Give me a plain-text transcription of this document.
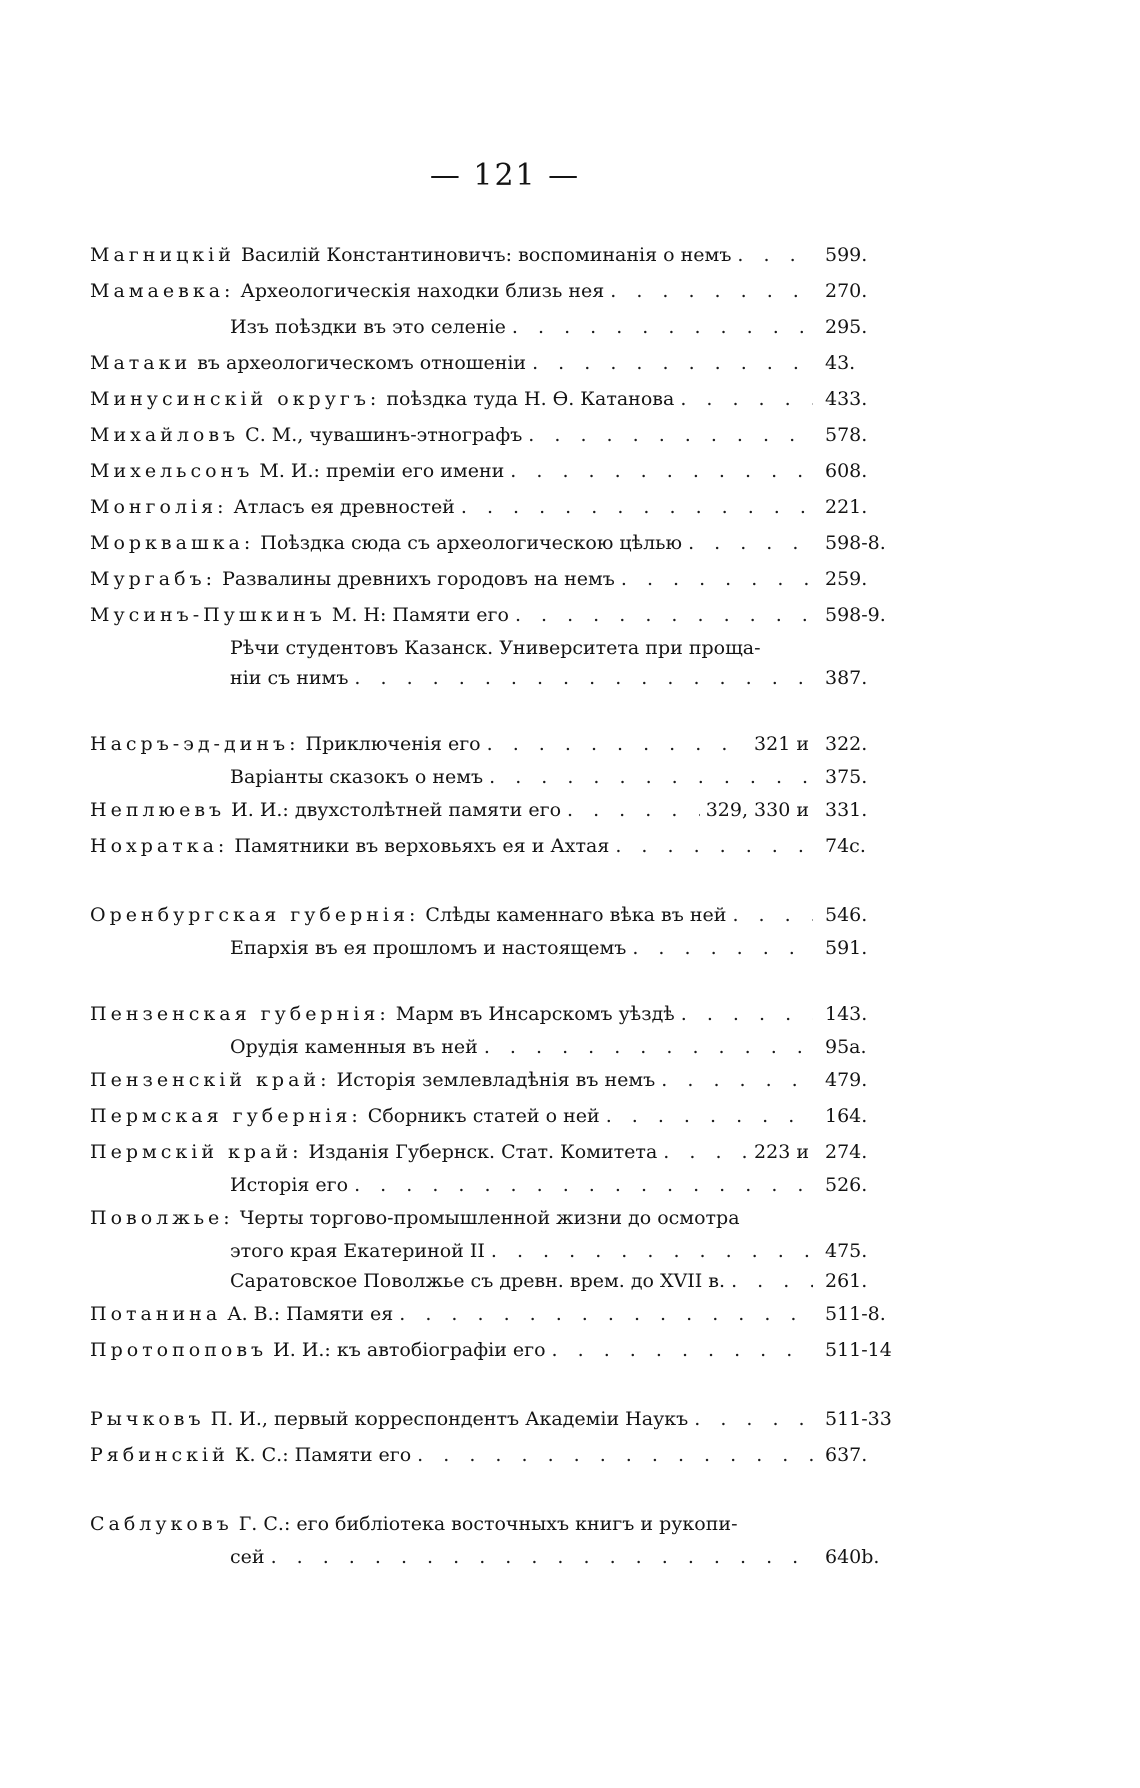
— 121 —
Магницкій Василій Константиновичъ: воспоминанія о немъ . . .	599.
Мамаевка: Археологическія находки близь нея . . .	270.
Изъ поѣздки въ это селеніе . . .	295.
Матаки въ археологическомъ отношеніи . . .	43.
Минусинскій округъ: поѣздка туда Н. Ѳ. Катанова . . .	433.
Михайловъ С. М., чувашинъ-этнографъ . . .	578.
Михельсонъ М. И.: преміи его имени . . .	608.
Монголія: Атласъ ея древностей . . .	221.
Морквашка: Поѣздка сюда съ археологическою цѣлью . . .	598-8.
Мургабъ: Развалины древнихъ городовъ на немъ . . .	259.
Мусинъ-Пушкинъ М. Н: Памяти его . . .	598-9.
Рѣчи студентовъ Казанск. Университета при проща-
ніи съ нимъ . . .	387.
Насръ-эд-динъ: Приключенія его . . .	321 и 322.
Варіанты сказокъ о немъ . . .	375.
Неплюевъ И. И.: двухстолѣтней памяти его . . .	329, 330 и 331.
Нохратка: Памятники въ верховьяхъ ея и Ахтая . . .	74c.
Оренбургская губернія: Слѣды каменнаго вѣка въ ней . . .	546.
Епархія въ ея прошломъ и настоящемъ . . .	591.
Пензенская губернія: Марм въ Инсарскомъ уѣздѣ . . .	143.
Орудія каменныя въ ней . . .	95a.
Пензенскій край: Исторія землевладѣнія въ немъ . . .	479.
Пермская губернія: Сборникъ статей о ней . . .	164.
Пермскій край: Изданія Губернск. Стат. Комитета . . .	223 и 274.
Исторія его . . .	526.
Поволжье: Черты торгово-промышленной жизни до осмотра
этого края Екатериной II . . .	475.
Саратовское Поволжье съ древн. врем. до XVII в. . . .	261.
Потанина А. В.: Памяти ея . . .	511-8.
Протопоповъ И. И.: къ автобіографіи его . . .	511-14
Рычковъ П. И., первый корреспондентъ Академіи Наукъ . . .	511-33
Рябинскій К. С.: Памяти его . . .	637.
Саблуковъ Г. С.: его библіотека восточныхъ книгъ и рукопи-
сей . . .	640b.
